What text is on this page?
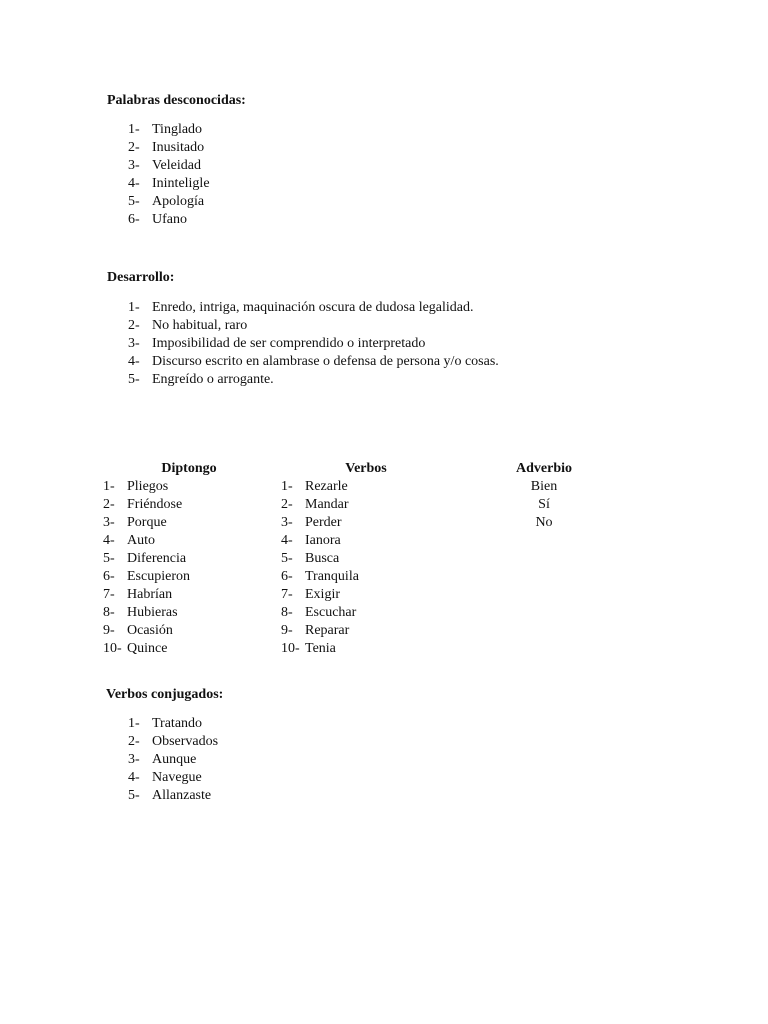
Palabras desconocidas:
1- Tinglado
2- Inusitado
3- Veleidad
4- Ininteligle
5- Apología
6- Ufano
Desarrollo:
1- Enredo, intriga, maquinación oscura de dudosa legalidad.
2- No habitual, raro
3- Imposibilidad de ser comprendido o interpretado
4- Discurso escrito en alambrase o defensa de persona y/o cosas.
5- Engreído o arrogante.
Diptongo	Verbos	Adverbio
1- Pliegos	1- Rezarle	Bien
2- Friéndose	2- Mandar	Sí
3- Porque	3- Perder	No
4- Auto	4- Ianora
5- Diferencia	5- Busca
6- Escupieron	6- Tranquila
7- Habrían	7- Exigir
8- Hubieras	8- Escuchar
9- Ocasión	9- Reparar
10- Quince	10- Tenia
Verbos conjugados:
1- Tratando
2- Observados
3- Aunque
4- Navegue
5- Allanzaste
